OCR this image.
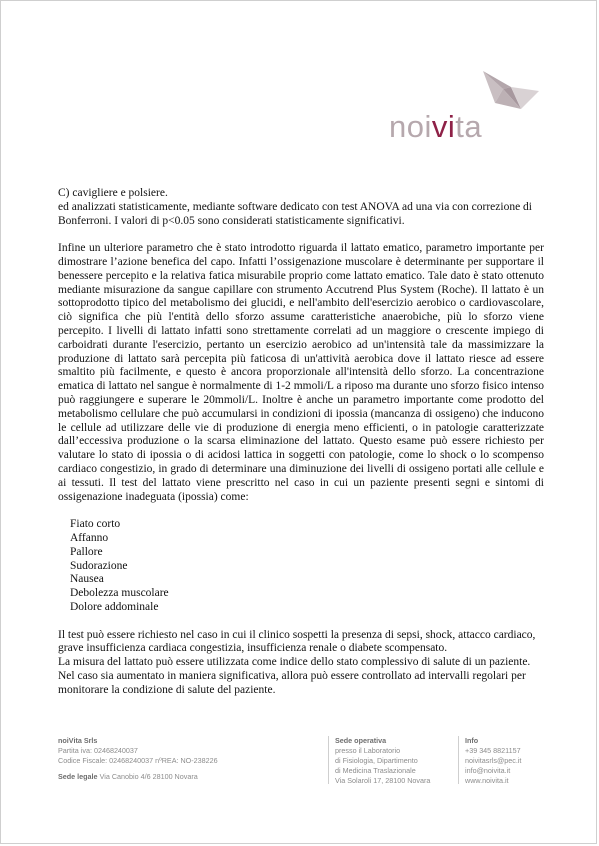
noivita

C) cavigliere e polsiere.

ed analizzati statisticamente, mediante software dedicato con test ANOVA ad una via con correzione di Bonferroni. I valori di p<0.05 sono considerati statisticamente significativi.

Infine un ulteriore parametro che è stato introdotto riguarda il lattato ematico, parametro importante per dimostrare l’azione benefica del capo. Infatti l’ossigenazione muscolare è determinante per supportare il benessere percepito e la relativa fatica misurabile proprio come lattato ematico. Tale dato è stato ottenuto mediante misurazione da sangue capillare con strumento Accutrend Plus System (Roche). Il lattato è un sottoprodotto tipico del metabolismo dei glucidi, e nell'ambito dell'esercizio aerobico o cardiovascolare, ciò significa che più l'entità dello sforzo assume caratteristiche anaerobiche, più lo sforzo viene percepito. I livelli di lattato infatti sono strettamente correlati ad un maggiore o crescente impiego di carboidrati durante l'esercizio, pertanto un esercizio aerobico ad un'intensità tale da massimizzare la produzione di lattato sarà percepita più faticosa di un'attività aerobica dove il lattato riesce ad essere smaltito più facilmente, e questo è ancora proporzionale all'intensità dello sforzo. La concentrazione ematica di lattato nel sangue è normalmente di 1-2 mmoli/L a riposo ma durante uno sforzo fisico intenso può raggiungere e superare le 20mmoli/L. Inoltre è anche un parametro importante come prodotto del metabolismo cellulare che può accumularsi in condizioni di ipossia (mancanza di ossigeno) che inducono le cellule ad utilizzare delle vie di produzione di energia meno efficienti, o in patologie caratterizzate dall’eccessiva produzione o la scarsa eliminazione del lattato. Questo esame può essere richiesto per valutare lo stato di ipossia o di acidosi lattica in soggetti con patologie, come lo shock o lo scompenso cardiaco congestizio, in grado di determinare una diminuzione dei livelli di ossigeno portati alle cellule e ai tessuti. Il test del lattato viene prescritto nel caso in cui un paziente presenti segni e sintomi di ossigenazione inadeguata (ipossia) come:

Fiato corto
Affanno
Pallore
Sudorazione
Nausea
Debolezza muscolare
Dolore addominale

Il test può essere richiesto nel caso in cui il clinico sospetti la presenza di sepsi, shock, attacco cardiaco, grave insufficienza cardiaca congestizia, insufficienza renale o diabete scompensato.

La misura del lattato può essere utilizzata come indice dello stato complessivo di salute di un paziente. Nel caso sia aumentato in maniera significativa, allora può essere controllato ad intervalli regolari per monitorare la condizione di salute del paziente.

noiVita Srls
Partita iva: 02468240037
Codice Fiscale: 02468240037 nºREA: NO-238226
Sede legale Via Canobio 4/6 28100 Novara
Sede operativa
presso il Laboratorio
di Fisiologia, Dipartimento
di Medicina Traslazionale
Via Solaroli 17, 28100 Novara
Info
+39 345 8821157
noivitasrls@pec.it
info@noivita.it
www.noivita.it
